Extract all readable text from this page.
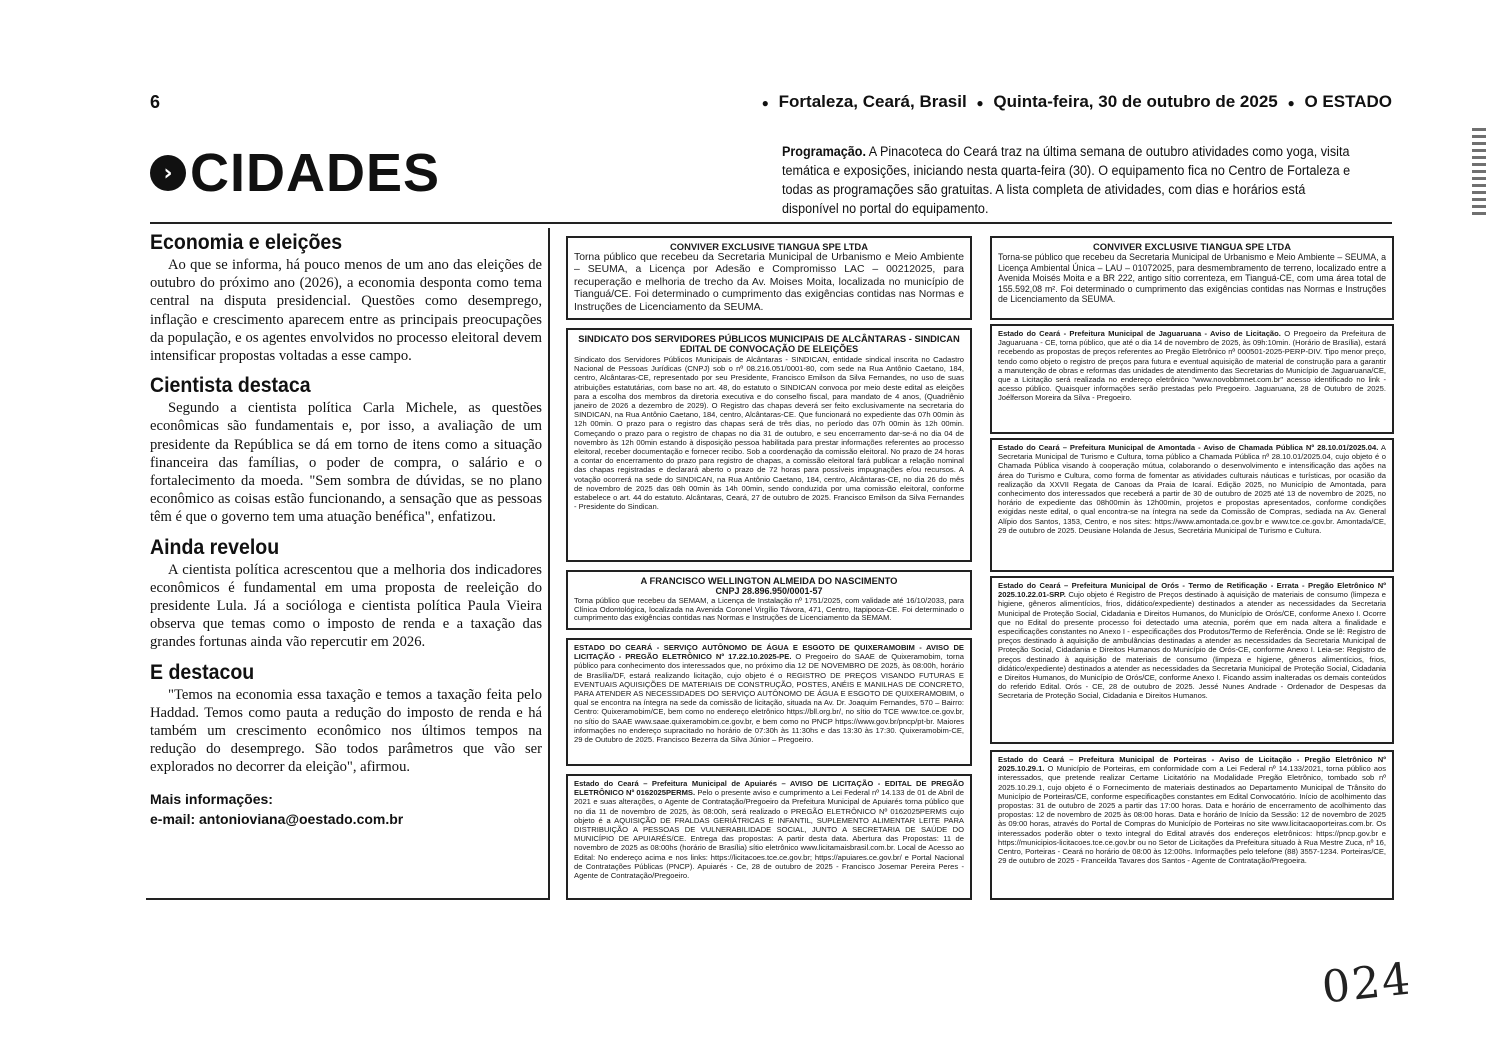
6	● Fortaleza, Ceará, Brasil ● Quinta-feira, 30 de outubro de 2025 ● O ESTADO
› CIDADES	Programação. A Pinacoteca do Ceará traz na última semana de outubro atividades como yoga, visita temática e exposições, iniciando nesta quarta-feira (30). O equipamento fica no Centro de Fortaleza e todas as programações são gratuitas. A lista completa de atividades, com dias e horários está disponível no portal do equipamento.
Economia e eleições

Ao que se informa, há pouco menos de um ano das eleições de outubro do próximo ano (2026), a economia desponta como tema central na disputa presidencial. Questões como desemprego, inflação e crescimento aparecem entre as principais preocupações da população, e os agentes envolvidos no processo eleitoral devem intensificar propostas voltadas a esse campo.

Cientista destaca

Segundo a cientista política Carla Michele, as questões econômicas são fundamentais e, por isso, a avaliação de um presidente da República se dá em torno de itens como a situação financeira das famílias, o poder de compra, o salário e o fortalecimento da moeda. "Sem sombra de dúvidas, se no plano econômico as coisas estão funcionando, a sensação que as pessoas têm é que o governo tem uma atuação benéfica", enfatizou.

Ainda revelou

A cientista política acrescentou que a melhoria dos indicadores econômicos é fundamental em uma proposta de reeleição do presidente Lula. Já a socióloga e cientista política Paula Vieira observa que temas como o imposto de renda e a taxação das grandes fortunas ainda vão repercutir em 2026.

E destacou

"Temos na economia essa taxação e temos a taxação feita pelo Haddad. Temos como pauta a redução do imposto de renda e há também um crescimento econômico nos últimos tempos na redução do desemprego. São todos parâmetros que vão ser explorados no decorrer da eleição", afirmou.

Mais informações:
e-mail: antonioviana@oestado.com.br
CONVIVER EXCLUSIVE TIANGUA SPE LTDA
Torna público que recebeu da Secretaria Municipal de Urbanismo e Meio Ambiente – SEUMA, a Licença por Adesão e Compromisso LAC – 00212025, para recuperação e melhoria de trecho da Av. Moises Moita, localizada no município de Tianguá/CE. Foi determinado o cumprimento das exigências contidas nas Normas e Instruções de Licenciamento da SEUMA.
SINDICATO DOS SERVIDORES PÚBLICOS MUNICIPAIS DE ALCÂNTARAS - SINDICAN
EDITAL DE CONVOCAÇÃO DE ELEIÇÕES
Sindicato dos Servidores Públicos Municipais de Alcântaras - SINDICAN, entidade sindical inscrita no Cadastro Nacional de Pessoas Jurídicas (CNPJ) sob o nº 08.216.051/0001-80, com sede na Rua Antônio Caetano, 184, centro, Alcântaras-CE, representado por seu Presidente, Francisco Emilson da Silva Fernandes, no uso de suas atribuições estatutárias, com base no art. 48, do estatuto o SINDICAN convoca por meio deste edital as eleições para a escolha dos membros da diretoria executiva e do conselho fiscal, para mandato de 4 anos, (Quadriênio janeiro de 2026 a dezembro de 2029). O Registro das chapas deverá ser feito exclusivamente na secretaria do SINDICAN, na Rua Antônio Caetano, 184, centro, Alcântaras-CE. Que funcionará no expediente das 07h 00min às 12h 00min. O prazo para o registro das chapas será de três dias, no período das 07h 00min às 12h 00min. Começando o prazo para o registro de chapas no dia 31 de outubro, e seu encerramento dar-se-á no dia 04 de novembro às 12h 00min estando à disposição pessoa habilitada para prestar informações referentes ao processo eleitoral, receber documentação e fornecer recibo. Sob a coordenação da comissão eleitoral. No prazo de 24 horas a contar do encerramento do prazo para registro de chapas, a comissão eleitoral fará publicar a relação nominal das chapas registradas e declarará aberto o prazo de 72 horas para possíveis impugnações e/ou recursos. A votação ocorrerá na sede do SINDICAN, na Rua Antônio Caetano, 184, centro, Alcântaras-CE, no dia 26 do mês de novembro de 2025 das 08h 00min às 14h 00min, sendo conduzida por uma comissão eleitoral, conforme estabelece o art. 44 do estatuto. Alcântaras, Ceará, 27 de outubro de 2025. Francisco Emilson da Silva Fernandes - Presidente do Sindican.
A FRANCISCO WELLINGTON ALMEIDA DO NASCIMENTO
CNPJ 28.896.950/0001-57
Torna público que recebeu da SEMAM, a Licença de Instalação nº 1751/2025, com validade até 16/10/2033, para Clínica Odontológica, localizada na Avenida Coronel Virgílio Távora, 471, Centro, Itapipoca-CE. Foi determinado o cumprimento das exigências contidas nas Normas e Instruções de Licenciamento da SEMAM.
ESTADO DO CEARÁ - SERVIÇO AUTÔNOMO DE ÁGUA E ESGOTO DE QUIXERAMOBIM - AVISO DE LICITAÇÃO - PREGÃO ELETRÔNICO Nº 17.22.10.2025-PE. O Pregoeiro do SAAE de Quixeramobim, torna público para conhecimento dos interessados que, no próximo dia 12 DE NOVEMBRO DE 2025, às 08:00h, horário de Brasília/DF, estará realizando licitação, cujo objeto é o REGISTRO DE PREÇOS VISANDO FUTURAS E EVENTUAIS AQUISIÇÕES DE MATERIAIS DE CONSTRUÇÃO, POSTES, ANÉIS E MANILHAS DE CONCRETO, PARA ATENDER AS NECESSIDADES DO SERVIÇO AUTÔNOMO DE ÁGUA E ESGOTO DE QUIXERAMOBIM, o qual se encontra na íntegra na sede da comissão de licitação, situada na Av. Dr. Joaquim Fernandes, 570 – Bairro: Centro: Quixeramobim/CE, bem como no endereço eletrônico https://bll.org.br/, no sítio do TCE www.tce.ce.gov.br, no sítio do SAAE www.saae.quixeramobim.ce.gov.br, e bem como no PNCP https://www.gov.br/pncp/pt-br. Maiores informações no endereço supracitado no horário de 07:30h às 11:30hs e das 13:30 às 17:30. Quixeramobim-CE, 29 de Outubro de 2025. Francisco Bezerra da Silva Júnior – Pregoeiro.
Estado do Ceará – Prefeitura Municipal de Apuiarés – AVISO DE LICITAÇÃO - EDITAL DE PREGÃO ELETRÔNICO Nº 0162025PERMS. Pelo o presente aviso e cumprimento a Lei Federal nº 14.133 de 01 de Abril de 2021 e suas alterações, o Agente de Contratação/Pregoeiro da Prefeitura Municipal de Apuiarés torna público que no dia 11 de novembro de 2025, às 08:00h, será realizado o PREGÃO ELETRÔNICO Nº 0162025PERMS cujo objeto é a AQUISIÇÃO DE FRALDAS GERIÁTRICAS E INFANTIL, SUPLEMENTO ALIMENTAR LEITE PARA DISTRIBUIÇÃO A PESSOAS DE VULNERABILIDADE SOCIAL, JUNTO A SECRETARIA DE SAÚDE DO MUNICÍPIO DE APUIARÉS/CE. Entrega das propostas: A partir desta data. Abertura das Propostas: 11 de novembro de 2025 as 08:00hs (horário de Brasília) sítio eletrônico www.licitamaisbrasil.com.br. Local de Acesso ao Edital: No endereço acima e nos links: https://licitacoes.tce.ce.gov.br; https://apuiares.ce.gov.br/ e Portal Nacional de Contratações Públicas (PNCP). Apuiarés - Ce, 28 de outubro de 2025 - Francisco Josemar Pereira Peres - Agente de Contratação/Pregoeiro.
CONVIVER EXCLUSIVE TIANGUA SPE LTDA
Torna-se público que recebeu da Secretaria Municipal de Urbanismo e Meio Ambiente – SEUMA, a Licença Ambiental Única – LAU – 01072025, para desmembramento de terreno, localizado entre a Avenida Moisés Moita e a BR 222, antigo sítio correnteza, em Tianguá-CE, com uma área total de 155.592,08 m². Foi determinado o cumprimento das exigências contidas nas Normas e Instruções de Licenciamento da SEUMA.
Estado do Ceará - Prefeitura Municipal de Jaguaruana - Aviso de Licitação. O Pregoeiro da Prefeitura de Jaguaruana - CE, torna público, que até o dia 14 de novembro de 2025, às 09h:10min. (Horário de Brasília), estará recebendo as propostas de preços referentes ao Pregão Eletrônico nº 000501-2025-PERP-DIV. Tipo menor preço, tendo como objeto o registro de preços para futura e eventual aquisição de material de construção para a garantir a manutenção de obras e reformas das unidades de atendimento das Secretarias do Município de Jaguaruana/CE, que a Licitação será realizada no endereço eletrônico "www.novobbmnet.com.br" acesso identificado no link - acesso público. Quaisquer informações serão prestadas pelo Pregoeiro. Jaguaruana, 28 de Outubro de 2025. Joélferson Moreira da Silva - Pregoeiro.
Estado do Ceará – Prefeitura Municipal de Amontada - Aviso de Chamada Pública Nº 28.10.01/2025.04. A Secretaria Municipal de Turismo e Cultura, torna público a Chamada Pública nº 28.10.01/2025.04, cujo objeto é o Chamada Pública visando à cooperação mútua, colaborando o desenvolvimento e intensificação das ações na área do Turismo e Cultura, como forma de fomentar as atividades culturais náuticas e turísticas, por ocasião da realização da XXVII Regata de Canoas da Praia de Icaraí. Edição 2025, no Município de Amontada, para conhecimento dos interessados que receberá a partir de 30 de outubro de 2025 até 13 de novembro de 2025, no horário de expediente das 08h00min às 12h00min, projetos e propostas apresentados, conforme condições exigidas neste edital, o qual encontra-se na íntegra na sede da Comissão de Compras, sediada na Av. General Alípio dos Santos, 1353, Centro, e nos sites: https://www.amontada.ce.gov.br e www.tce.ce.gov.br. Amontada/CE, 29 de outubro de 2025. Deusiane Holanda de Jesus, Secretária Municipal de Turismo e Cultura.
Estado do Ceará – Prefeitura Municipal de Orós - Termo de Retificação - Errata - Pregão Eletrônico Nº 2025.10.22.01-SRP. Cujo objeto é Registro de Preços destinado à aquisição de materiais de consumo (limpeza e higiene, gêneros alimentícios, frios, didático/expediente) destinados a atender as necessidades da Secretaria Municipal de Proteção Social, Cidadania e Direitos Humanos, do Município de Orós/CE, conforme Anexo I. Ocorre que no Edital do presente processo foi detectado uma atecnia, porém que em nada altera a finalidade e especificações constantes no Anexo I - especificações dos Produtos/Termo de Referência. Onde se lê: Registro de preços destinado à aquisição de ambulâncias destinadas a atender as necessidades da Secretaria Municipal de Proteção Social, Cidadania e Direitos Humanos do Município de Orós-CE, conforme Anexo I. Leia-se: Registro de preços destinado à aquisição de materiais de consumo (limpeza e higiene, gêneros alimentícios, frios, didático/expediente) destinados a atender as necessidades da Secretaria Municipal de Proteção Social, Cidadania e Direitos Humanos, do Município de Orós/CE, conforme Anexo I. Ficando assim inalteradas os demais conteúdos do referido Edital. Orós - CE, 28 de outubro de 2025. Jessé Nunes Andrade - Ordenador de Despesas da Secretaria de Proteção Social, Cidadania e Direitos Humanos.
Estado do Ceará – Prefeitura Municipal de Porteiras - Aviso de Licitação - Pregão Eletrônico Nº 2025.10.29.1. O Município de Porteiras, em conformidade com a Lei Federal nº 14.133/2021, torna público aos interessados, que pretende realizar Certame Licitatório na Modalidade Pregão Eletrônico, tombado sob nº 2025.10.29.1, cujo objeto é o Fornecimento de materiais destinados ao Departamento Municipal de Trânsito do Município de Porteiras/CE, conforme especificações constantes em Edital Convocatório. Início de acolhimento das propostas: 31 de outubro de 2025 a partir das 17:00 horas. Data e horário de encerramento de acolhimento das propostas: 12 de novembro de 2025 às 08:00 horas. Data e horário de Início da Sessão: 12 de novembro de 2025 às 09:00 horas, através do Portal de Compras do Município de Porteiras no site www.licitacaoporteiras.com.br. Os interessados poderão obter o texto integral do Edital através dos endereços eletrônicos: https://pncp.gov.br e https://municipios-licitacoes.tce.ce.gov.br ou no Setor de Licitações da Prefeitura situado à Rua Mestre Zuca, nº 16, Centro, Porteiras - Ceará no horário de 08:00 às 12:00hs. Informações pelo telefone (88) 3557-1234. Porteiras/CE, 29 de outubro de 2025 - Franceilda Tavares dos Santos - Agente de Contratação/Pregoeira.
024
